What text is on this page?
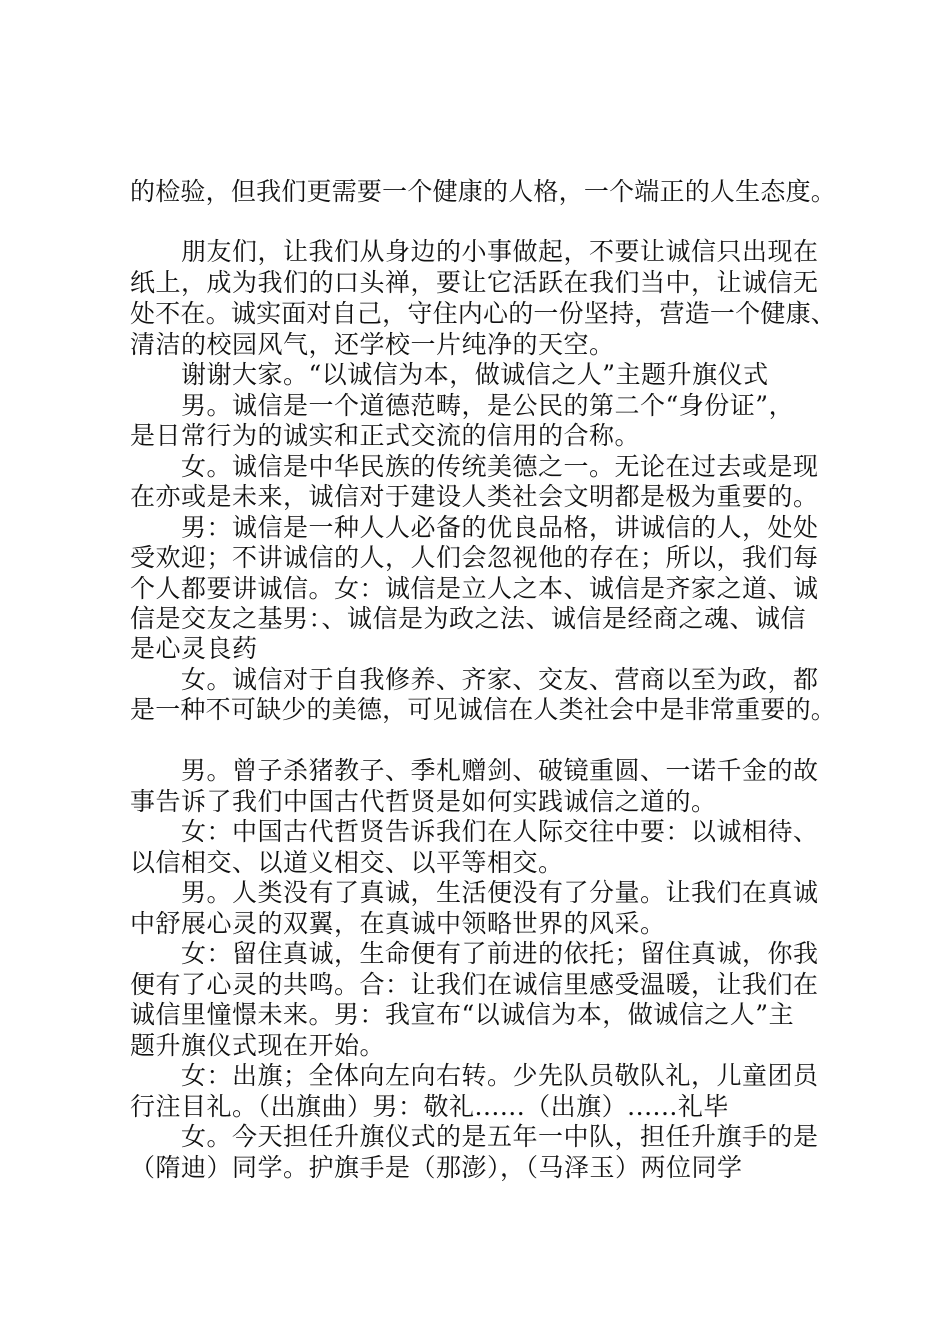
的检验，但我们更需要一个健康的人格，一个端正的人生态度。
朋友们，让我们从身边的小事做起，不要让诚信只出现在
纸上，成为我们的口头禅，要让它活跃在我们当中，让诚信无
处不在。诚实面对自己，守住内心的一份坚持，营造一个健康、
清洁的校园风气，还学校一片纯净的天空。
谢谢大家。“以诚信为本，做诚信之人”主题升旗仪式
男。诚信是一个道德范畴，是公民的第二个“身份证”，
是日常行为的诚实和正式交流的信用的合称。
女。诚信是中华民族的传统美德之一。无论在过去或是现
在亦或是未来，诚信对于建设人类社会文明都是极为重要的。
男：诚信是一种人人必备的优良品格，讲诚信的人，处处
受欢迎；不讲诚信的人，人们会忽视他的存在；所以，我们每
个人都要讲诚信。女：诚信是立人之本、诚信是齐家之道、诚
信是交友之基男：、诚信是为政之法、诚信是经商之魂、诚信
是心灵良药
女。诚信对于自我修养、齐家、交友、营商以至为政，都
是一种不可缺少的美德，可见诚信在人类社会中是非常重要的。
男。曾子杀猪教子、季札赠剑、破镜重圆、一诺千金的故
事告诉了我们中国古代哲贤是如何实践诚信之道的。
女：中国古代哲贤告诉我们在人际交往中要：以诚相待、
以信相交、以道义相交、以平等相交。
男。人类没有了真诚，生活便没有了分量。让我们在真诚
中舒展心灵的双翼，在真诚中领略世界的风采。
女：留住真诚，生命便有了前进的依托；留住真诚，你我
便有了心灵的共鸣。合：让我们在诚信里感受温暖，让我们在
诚信里憧憬未来。男：我宣布“以诚信为本，做诚信之人”主
题升旗仪式现在开始。
女：出旗；全体向左向右转。少先队员敬队礼，儿童团员
行注目礼。（出旗曲）男：敬礼......（出旗）......礼毕
女。今天担任升旗仪式的是五年一中队，担任升旗手的是
（隋迪）同学。护旗手是（那澎），（马泽玉）两位同学
